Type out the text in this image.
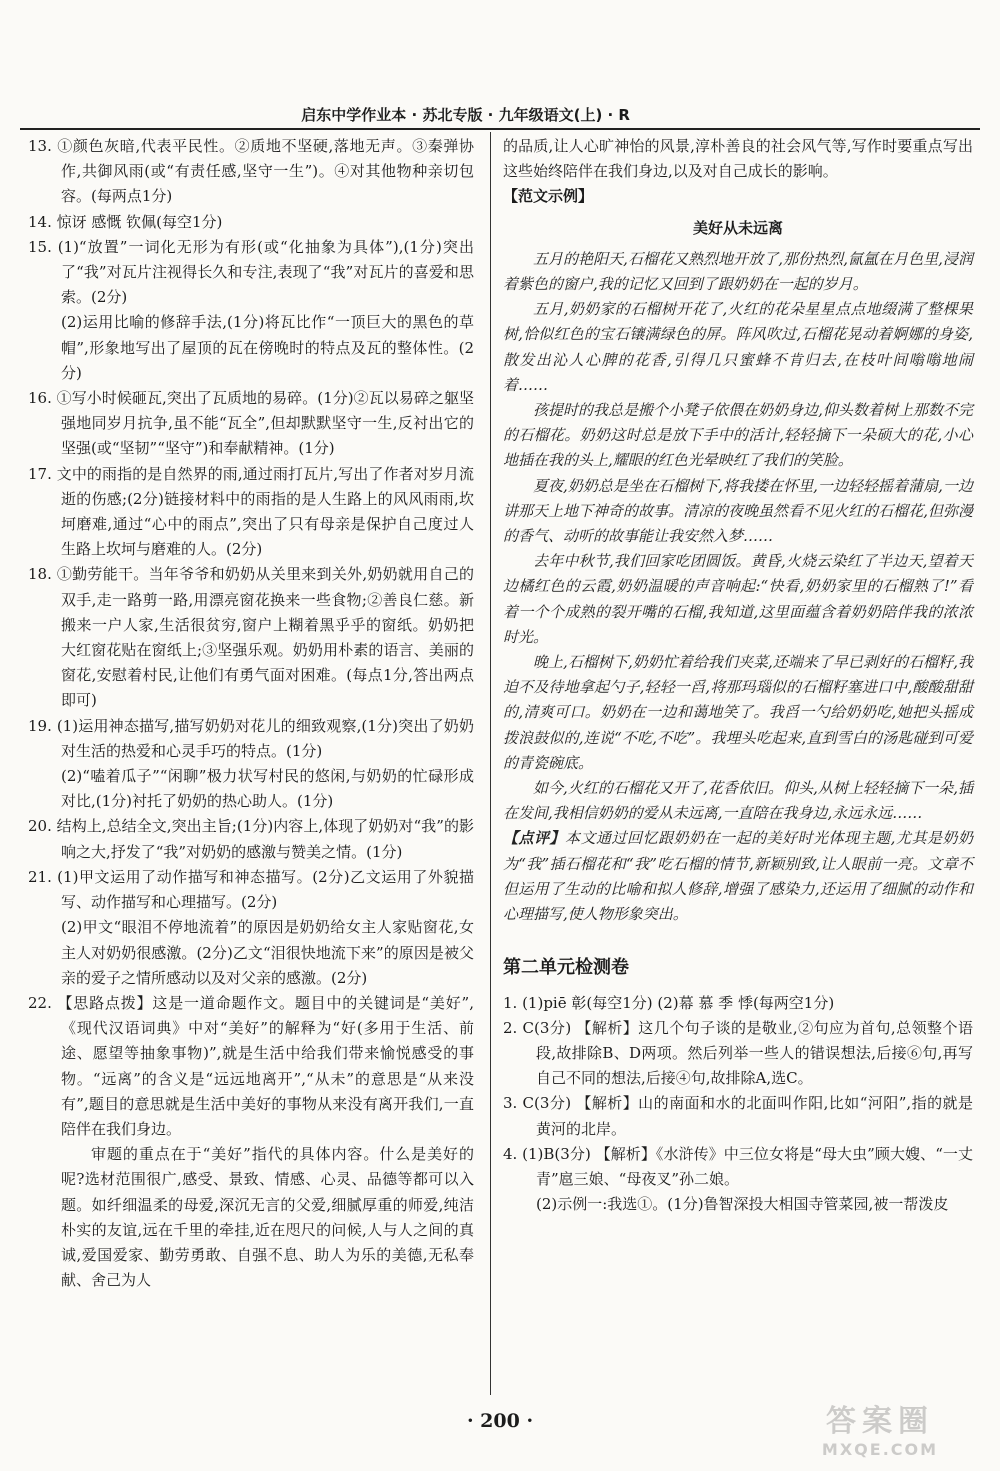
启东中学作业本 · 苏北专版 · 九年级语文(上) · R

13. ①颜色灰暗,代表平民性。②质地不坚硬,落地无声。③秦弹协作,共御风雨(或“有责任感,坚守一生”)。④对其他物种亲切包容。(每两点1分)

14. 惊讶 感慨 钦佩(每空1分)

15. (1)“放置”一词化无形为有形(或“化抽象为具体”),(1分)突出了“我”对瓦片注视得长久和专注,表现了“我”对瓦片的喜爱和思索。(2分)

(2)运用比喻的修辞手法,(1分)将瓦比作“一顶巨大的黑色的草帽”,形象地写出了屋顶的瓦在傍晚时的特点及瓦的整体性。(2分)

16. ①写小时候砸瓦,突出了瓦质地的易碎。(1分)②瓦以易碎之躯坚强地同岁月抗争,虽不能“瓦全”,但却默默坚守一生,反衬出它的坚强(或“坚韧”“坚守”)和奉献精神。(1分)

17. 文中的雨指的是自然界的雨,通过雨打瓦片,写出了作者对岁月流逝的伤感;(2分)链接材料中的雨指的是人生路上的风风雨雨,坎坷磨难,通过“心中的雨点”,突出了只有母亲是保护自己度过人生路上坎坷与磨难的人。(2分)

18. ①勤劳能干。当年爷爷和奶奶从关里来到关外,奶奶就用自己的双手,走一路剪一路,用漂亮窗花换来一些食物;②善良仁慈。新搬来一户人家,生活很贫穷,窗户上糊着黑乎乎的窗纸。奶奶把大红窗花贴在窗纸上;③坚强乐观。奶奶用朴素的语言、美丽的窗花,安慰着村民,让他们有勇气面对困难。(每点1分,答出两点即可)

19. (1)运用神态描写,描写奶奶对花儿的细致观察,(1分)突出了奶奶对生活的热爱和心灵手巧的特点。(1分)

(2)“嗑着瓜子”“闲聊”极力状写村民的悠闲,与奶奶的忙碌形成对比,(1分)衬托了奶奶的热心助人。(1分)

20. 结构上,总结全文,突出主旨;(1分)内容上,体现了奶奶对“我”的影响之大,抒发了“我”对奶奶的感激与赞美之情。(1分)

21. (1)甲文运用了动作描写和神态描写。(2分)乙文运用了外貌描写、动作描写和心理描写。(2分)

(2)甲文“眼泪不停地流着”的原因是奶奶给女主人家贴窗花,女主人对奶奶很感激。(2分)乙文“泪很快地流下来”的原因是被父亲的爱子之情所感动以及对父亲的感激。(2分)

22. 【思路点拨】这是一道命题作文。题目中的关键词是“美好”,《现代汉语词典》中对“美好”的解释为“好(多用于生活、前途、愿望等抽象事物)”,就是生活中给我们带来愉悦感受的事物。“远离”的含义是“远远地离开”,“从未”的意思是“从来没有”,题目的意思就是生活中美好的事物从来没有离开我们,一直陪伴在我们身边。

审题的重点在于“美好”指代的具体内容。什么是美好的呢?选材范围很广,感受、景致、情感、心灵、品德等都可以入题。如纤细温柔的母爱,深沉无言的父爱,细腻厚重的师爱,纯洁朴实的友谊,远在千里的牵挂,近在咫尺的问候,人与人之间的真诚,爱国爱家、勤劳勇敢、自强不息、助人为乐的美德,无私奉献、舍己为人

的品质,让人心旷神怡的风景,淳朴善良的社会风气等,写作时要重点写出这些始终陪伴在我们身边,以及对自己成长的影响。

【范文示例】

美好从未远离

五月的艳阳天,石榴花又熟烈地开放了,那份热烈,氤氲在月色里,浸润着紫色的窗户,我的记忆又回到了跟奶奶在一起的岁月。

五月,奶奶家的石榴树开花了,火红的花朵星星点点地缀满了整棵果树,恰似红色的宝石镶满绿色的屏。阵风吹过,石榴花晃动着婀娜的身姿,散发出沁人心脾的花香,引得几只蜜蜂不肯归去,在枝叶间嗡嗡地闹着……

孩提时的我总是搬个小凳子依偎在奶奶身边,仰头数着树上那数不完的石榴花。奶奶这时总是放下手中的活计,轻轻摘下一朵硕大的花,小心地插在我的头上,耀眼的红色光晕映红了我们的笑脸。

夏夜,奶奶总是坐在石榴树下,将我搂在怀里,一边轻轻摇着蒲扇,一边讲那天上地下神奇的故事。清凉的夜晚虽然看不见火红的石榴花,但弥漫的香气、动听的故事能让我安然入梦……

去年中秋节,我们回家吃团圆饭。黄昏,火烧云染红了半边天,望着天边橘红色的云霞,奶奶温暖的声音响起:“快看,奶奶家里的石榴熟了!”看着一个个成熟的裂开嘴的石榴,我知道,这里面蕴含着奶奶陪伴我的浓浓时光。

晚上,石榴树下,奶奶忙着给我们夹菜,还端来了早已剥好的石榴籽,我迫不及待地拿起勺子,轻轻一舀,将那玛瑙似的石榴籽塞进口中,酸酸甜甜的,清爽可口。奶奶在一边和蔼地笑了。我舀一勺给奶奶吃,她把头摇成拨浪鼓似的,连说“不吃,不吃”。我埋头吃起来,直到雪白的汤匙碰到可爱的青瓷碗底。

如今,火红的石榴花又开了,花香依旧。仰头,从树上轻轻摘下一朵,插在发间,我相信奶奶的爱从未远离,一直陪在我身边,永远永远……

【点评】本文通过回忆跟奶奶在一起的美好时光体现主题,尤其是奶奶为“我”插石榴花和“我”吃石榴的情节,新颖别致,让人眼前一亮。文章不但运用了生动的比喻和拟人修辞,增强了感染力,还运用了细腻的动作和心理描写,使人物形象突出。

第二单元检测卷

1. (1)piē 彰(每空1分) (2)幕 慕 季 悸(每两空1分)

2. C(3分) 【解析】这几个句子谈的是敬业,②句应为首句,总领整个语段,故排除B、D两项。然后列举一些人的错误想法,后接⑥句,再写自己不同的想法,后接④句,故排除A,选C。

3. C(3分) 【解析】山的南面和水的北面叫作阳,比如“河阳”,指的就是黄河的北岸。

4. (1)B(3分) 【解析】《水浒传》中三位女将是“母大虫”顾大嫂、“一丈青”扈三娘、“母夜叉”孙二娘。

(2)示例一:我选①。(1分)鲁智深投大相国寺管菜园,被一帮泼皮

· 200 ·	答案圈
MXQE.COM
